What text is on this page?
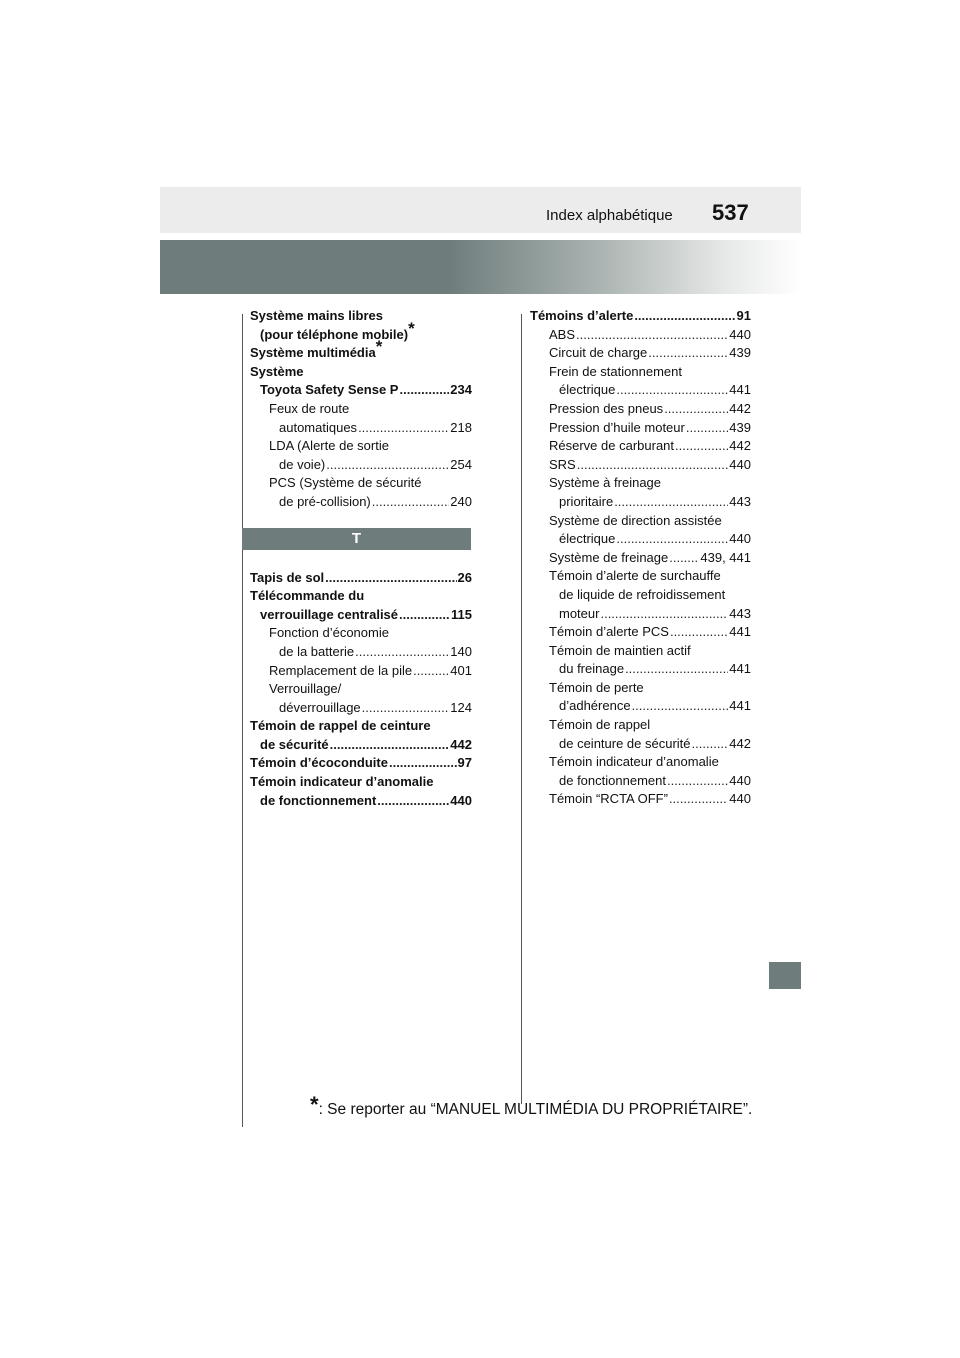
Index alphabétique 537
Système mains libres
(pour téléphone mobile)*
Système multimédia*
Système
Toyota Safety Sense P .....	234
Feux de route
automatiques .....	218
LDA (Alerte de sortie
de voie) .....	254
PCS (Système de sécurité
de pré-collision) .....	240
T
Tapis de sol .....	26
Télécommande du
verrouillage centralisé .....	115
Fonction d’économie
de la batterie .....	140
Remplacement de la pile .....	401
Verrouillage/
déverrouillage .....	124
Témoin de rappel de ceinture
de sécurité .....	442
Témoin d’écoconduite .....	97
Témoin indicateur d’anomalie
de fonctionnement .....	440
Témoins d’alerte .....	91
ABS .....	440
Circuit de charge .....	439
Frein de stationnement
électrique .....	441
Pression des pneus .....	442
Pression d’huile moteur .....	439
Réserve de carburant .....	442
SRS .....	440
Système à freinage
prioritaire .....	443
Système de direction assistée
électrique .....	440
Système de freinage ..... 439, 441
Témoin d’alerte de surchauffe
de liquide de refroidissement
moteur .....	443
Témoin d’alerte PCS .....	441
Témoin de maintien actif
du freinage .....	441
Témoin de perte
d’adhérence .....	441
Témoin de rappel
de ceinture de sécurité .....	442
Témoin indicateur d’anomalie
de fonctionnement .....	440
Témoin “RCTA OFF” .....	440
*: Se reporter au “MANUEL MULTIMÉDIA DU PROPRIÉTAIRE”.
